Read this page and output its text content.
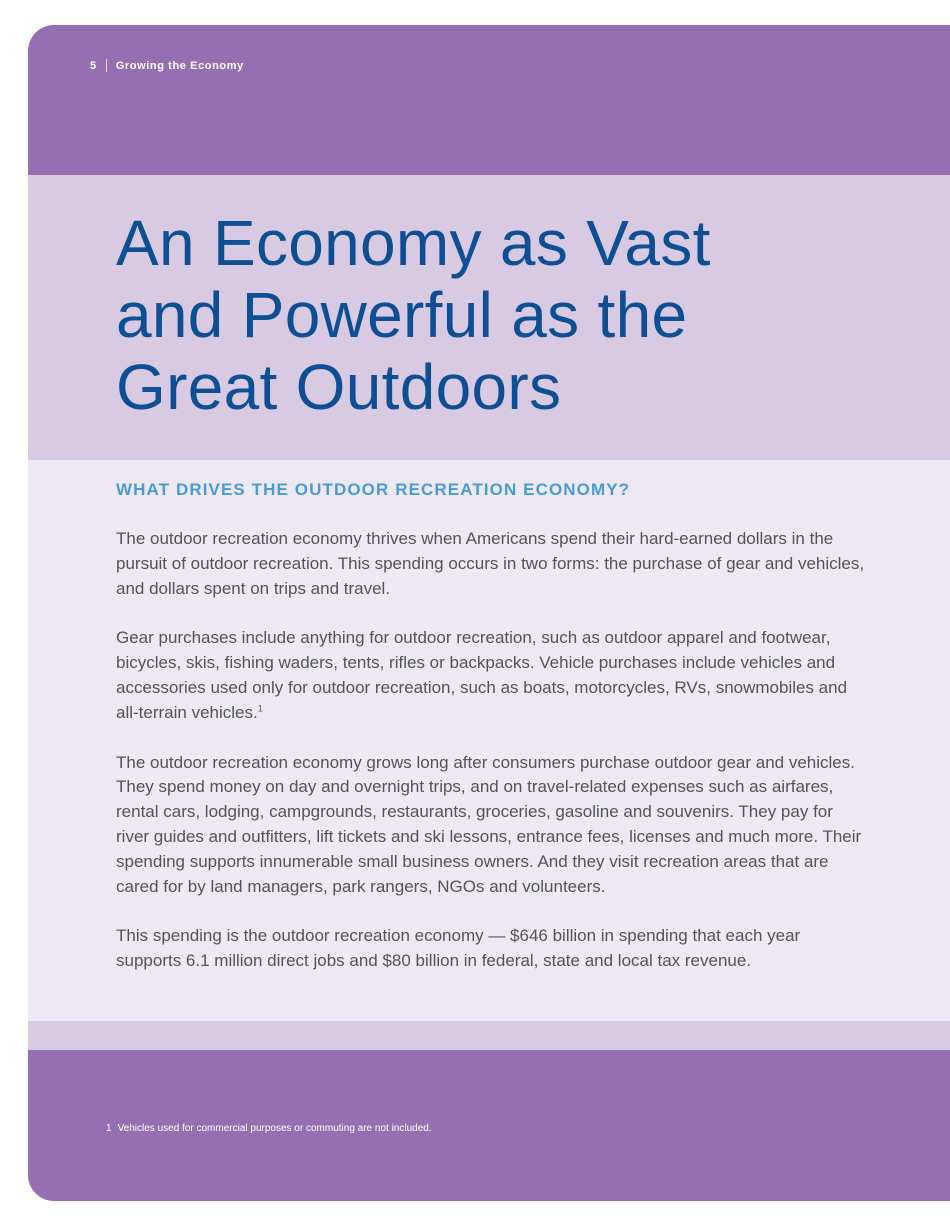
5 Growing the Economy
An Economy as Vast
and Powerful as the
Great Outdoors
WHAT DRIVES THE OUTDOOR RECREATION ECONOMY?

The outdoor recreation economy thrives when Americans spend their hard-earned dollars in the pursuit of outdoor recreation. This spending occurs in two forms: the purchase of gear and vehicles, and dollars spent on trips and travel.

Gear purchases include anything for outdoor recreation, such as outdoor apparel and footwear, bicycles, skis, fishing waders, tents, rifles or backpacks. Vehicle purchases include vehicles and accessories used only for outdoor recreation, such as boats, motorcycles, RVs, snowmobiles and all-terrain vehicles.$^1$

The outdoor recreation economy grows long after consumers purchase outdoor gear and vehicles. They spend money on day and overnight trips, and on travel-related expenses such as airfares, rental cars, lodging, campgrounds, restaurants, groceries, gasoline and souvenirs. They pay for river guides and outfitters, lift tickets and ski lessons, entrance fees, licenses and much more. Their spending supports innumerable small business owners. And they visit recreation areas that are cared for by land managers, park rangers, NGOs and volunteers.

This spending is the outdoor recreation economy — $646 billion in spending that each year supports 6.1 million direct jobs and $80 billion in federal, state and local tax revenue.

1 Vehicles used for commercial purposes or commuting are not included.
